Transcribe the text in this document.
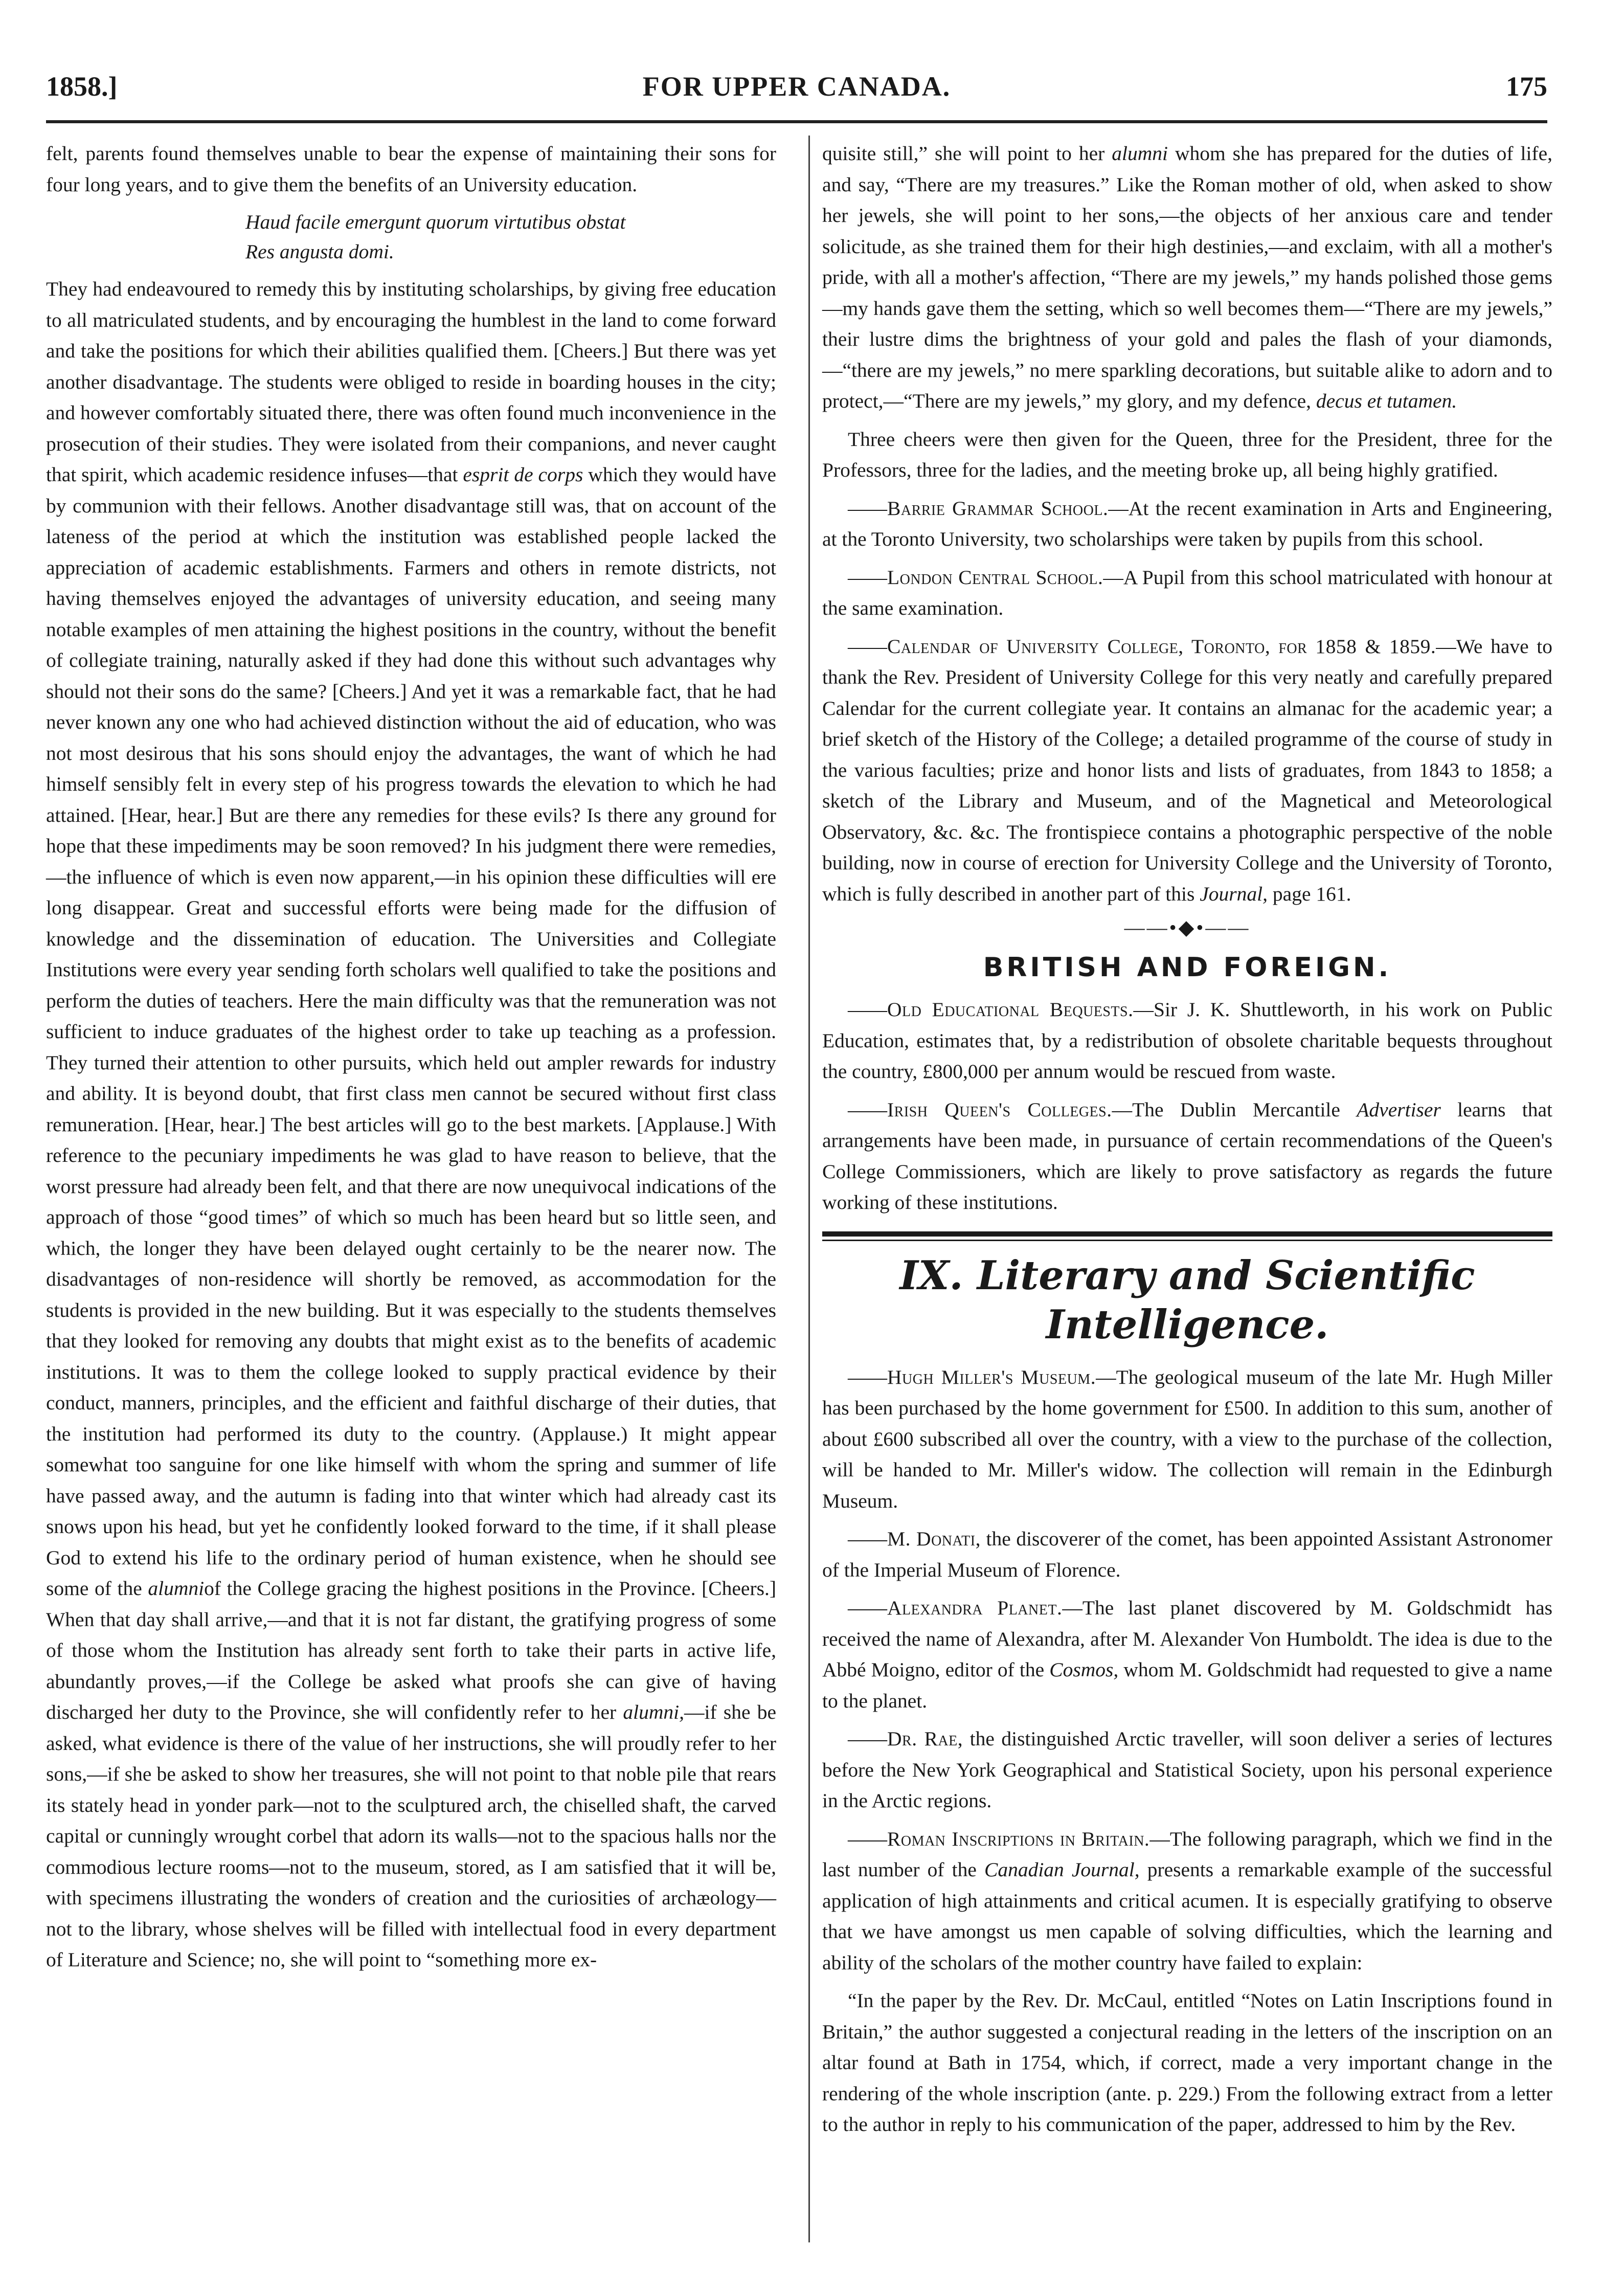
1858.]	FOR UPPER CANADA.	175

felt, parents found themselves unable to bear the expense of maintaining their sons for four long years, and to give them the benefits of an University education.

Haud facile emergunt quorum virtutibus obstat
Res angusta domi.

They had endeavoured to remedy this by instituting scholarships, by giving free education to all matriculated students, and by encouraging the humblest in the land to come forward and take the positions for which their abilities qualified them. [Cheers.] But there was yet another disadvantage. The students were obliged to reside in boarding houses in the city; and however comfortably situated there, there was often found much inconvenience in the prosecution of their studies. They were isolated from their companions, and never caught that spirit, which academic residence infuses—that esprit de corps which they would have by communion with their fellows. Another disadvantage still was, that on account of the lateness of the period at which the institution was established people lacked the appreciation of academic establishments. Farmers and others in remote districts, not having themselves enjoyed the advantages of university education, and seeing many notable examples of men attaining the highest positions in the country, without the benefit of collegiate training, naturally asked if they had done this without such advantages why should not their sons do the same? [Cheers.] And yet it was a remarkable fact, that he had never known any one who had achieved distinction without the aid of education, who was not most desirous that his sons should enjoy the advantages, the want of which he had himself sensibly felt in every step of his progress towards the elevation to which he had attained. [Hear, hear.] But are there any remedies for these evils? Is there any ground for hope that these impediments may be soon removed? In his judgment there were remedies,—the influence of which is even now apparent,—in his opinion these difficulties will ere long disappear. Great and successful efforts were being made for the diffusion of knowledge and the dissemination of education. The Universities and Collegiate Institutions were every year sending forth scholars well qualified to take the positions and perform the duties of teachers. Here the main difficulty was that the remuneration was not sufficient to induce graduates of the highest order to take up teaching as a profession. They turned their attention to other pursuits, which held out ampler rewards for industry and ability. It is beyond doubt, that first class men cannot be secured without first class remuneration. [Hear, hear.] The best articles will go to the best markets. [Applause.] With reference to the pecuniary impediments he was glad to have reason to believe, that the worst pressure had already been felt, and that there are now unequivocal indications of the approach of those “good times” of which so much has been heard but so little seen, and which, the longer they have been delayed ought certainly to be the nearer now. The disadvantages of non-residence will shortly be removed, as accommodation for the students is provided in the new building. But it was especially to the students themselves that they looked for removing any doubts that might exist as to the benefits of academic institutions. It was to them the college looked to supply practical evidence by their conduct, manners, principles, and the efficient and faithful discharge of their duties, that the institution had performed its duty to the country. (Applause.) It might appear somewhat too sanguine for one like himself with whom the spring and summer of life have passed away, and the autumn is fading into that winter which had already cast its snows upon his head, but yet he confidently looked forward to the time, if it shall please God to extend his life to the ordinary period of human existence, when he should see some of the alumniof the College gracing the highest positions in the Province. [Cheers.] When that day shall arrive,—and that it is not far distant, the gratifying progress of some of those whom the Institution has already sent forth to take their parts in active life, abundantly proves,—if the College be asked what proofs she can give of having discharged her duty to the Province, she will confidently refer to her alumni,—if she be asked, what evidence is there of the value of her instructions, she will proudly refer to her sons,—if she be asked to show her treasures, she will not point to that noble pile that rears its stately head in yonder park—not to the sculptured arch, the chiselled shaft, the carved capital or cunningly wrought corbel that adorn its walls—not to the spacious halls nor the commodious lecture rooms—not to the museum, stored, as I am satisfied that it will be, with specimens illustrating the wonders of creation and the curiosities of archæology—not to the library, whose shelves will be filled with intellectual food in every department of Literature and Science; no, she will point to “something more ex-

quisite still,” she will point to her alumni whom she has prepared for the duties of life, and say, “There are my treasures.” Like the Roman mother of old, when asked to show her jewels, she will point to her sons,—the objects of her anxious care and tender solicitude, as she trained them for their high destinies,—and exclaim, with all a mother's pride, with all a mother's affection, “There are my jewels,” my hands polished those gems—my hands gave them the setting, which so well becomes them—“There are my jewels,” their lustre dims the brightness of your gold and pales the flash of your diamonds,—“there are my jewels,” no mere sparkling decorations, but suitable alike to adorn and to protect,—“There are my jewels,” my glory, and my defence, decus et tutamen.

Three cheers were then given for the Queen, three for the President, three for the Professors, three for the ladies, and the meeting broke up, all being highly gratified.

—— Barrie Grammar School.—At the recent examination in Arts and Engineering, at the Toronto University, two scholarships were taken by pupils from this school.

—— London Central School.—A Pupil from this school matriculated with honour at the same examination.

—— Calendar of University College, Toronto, for 1858 & 1859.—We have to thank the Rev. President of University College for this very neatly and carefully prepared Calendar for the current collegiate year. It contains an almanac for the academic year; a brief sketch of the History of the College; a detailed programme of the course of study in the various faculties; prize and honor lists and lists of graduates, from 1843 to 1858; a sketch of the Library and Museum, and of the Magnetical and Meteorological Observatory, &c. &c. The frontispiece contains a photographic perspective of the noble building, now in course of erection for University College and the University of Toronto, which is fully described in another part of this Journal, page 161.

——•◆•——
BRITISH AND FOREIGN.

—— Old Educational Bequests.—Sir J. K. Shuttleworth, in his work on Public Education, estimates that, by a redistribution of obsolete charitable bequests throughout the country, £800,000 per annum would be rescued from waste.

—— Irish Queen's Colleges.—The Dublin Mercantile Advertiser learns that arrangements have been made, in pursuance of certain recommendations of the Queen's College Commissioners, which are likely to prove satisfactory as regards the future working of these institutions.

IX. Literary and Scientific Intelligence.

—— Hugh Miller's Museum.—The geological museum of the late Mr. Hugh Miller has been purchased by the home government for £500. In addition to this sum, another of about £600 subscribed all over the country, with a view to the purchase of the collection, will be handed to Mr. Miller's widow. The collection will remain in the Edinburgh Museum.

—— M. Donati, the discoverer of the comet, has been appointed Assistant Astronomer of the Imperial Museum of Florence.

—— Alexandra Planet.—The last planet discovered by M. Goldschmidt has received the name of Alexandra, after M. Alexander Von Humboldt. The idea is due to the Abbé Moigno, editor of the Cosmos, whom M. Goldschmidt had requested to give a name to the planet.

—— Dr. Rae, the distinguished Arctic traveller, will soon deliver a series of lectures before the New York Geographical and Statistical Society, upon his personal experience in the Arctic regions.

—— Roman Inscriptions in Britain.—The following paragraph, which we find in the last number of the Canadian Journal, presents a remarkable example of the successful application of high attainments and critical acumen. It is especially gratifying to observe that we have amongst us men capable of solving difficulties, which the learning and ability of the scholars of the mother country have failed to explain:

“In the paper by the Rev. Dr. McCaul, entitled “Notes on Latin Inscriptions found in Britain,” the author suggested a conjectural reading in the letters of the inscription on an altar found at Bath in 1754, which, if correct, made a very important change in the rendering of the whole inscription (ante. p. 229.) From the following extract from a letter to the author in reply to his communication of the paper, addressed to him by the Rev.
